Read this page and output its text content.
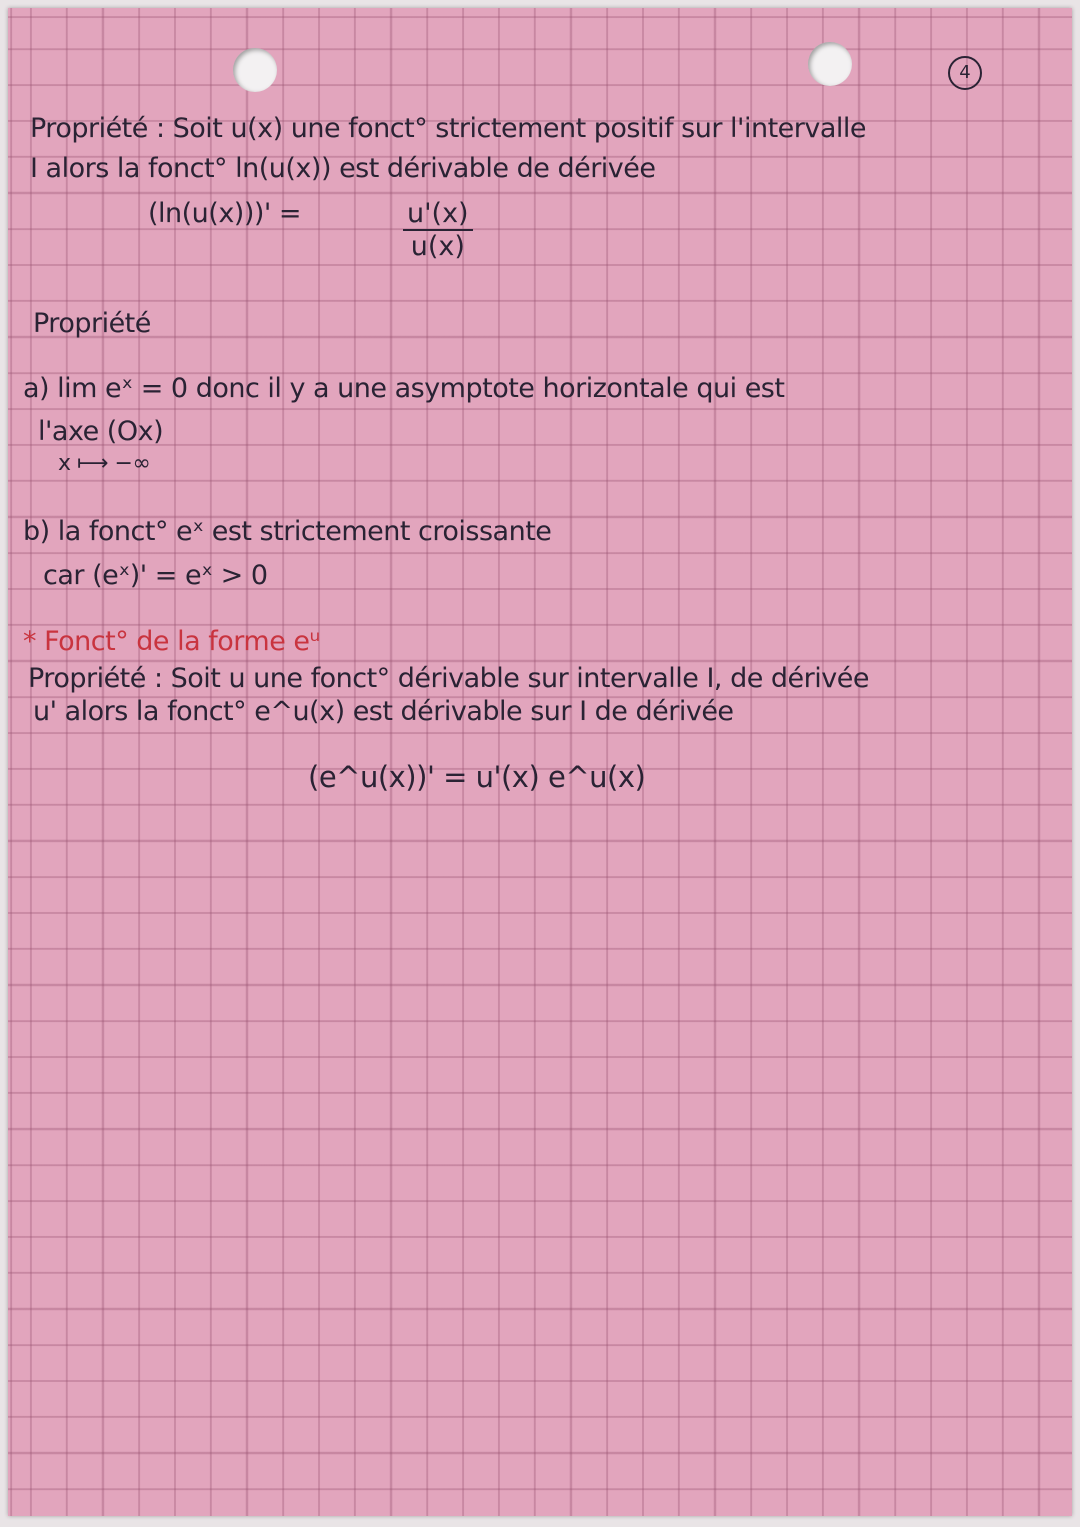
4
Propriété : Soit u(x) une fonct° strictement positif sur l'intervalle
I alors la fonct° ln(u(x)) est dérivable de dérivée
(ln(u(x)))' =	$\frac{u'(x)}{u(x)}$
Propriété
a) lim eˣ = 0 donc il y a une asymptote horizontale qui est
l'axe (Ox)
x ⟼ −∞
b) la fonct° eˣ est strictement croissante
car (eˣ)' = eˣ > 0
* Fonct° de la forme eᵘ
Propriété : Soit u une fonct° dérivable sur intervalle I, de dérivée
u' alors la fonct° e^u(x) est dérivable sur I de dérivée
(e^u(x))' = u'(x) e^u(x)
